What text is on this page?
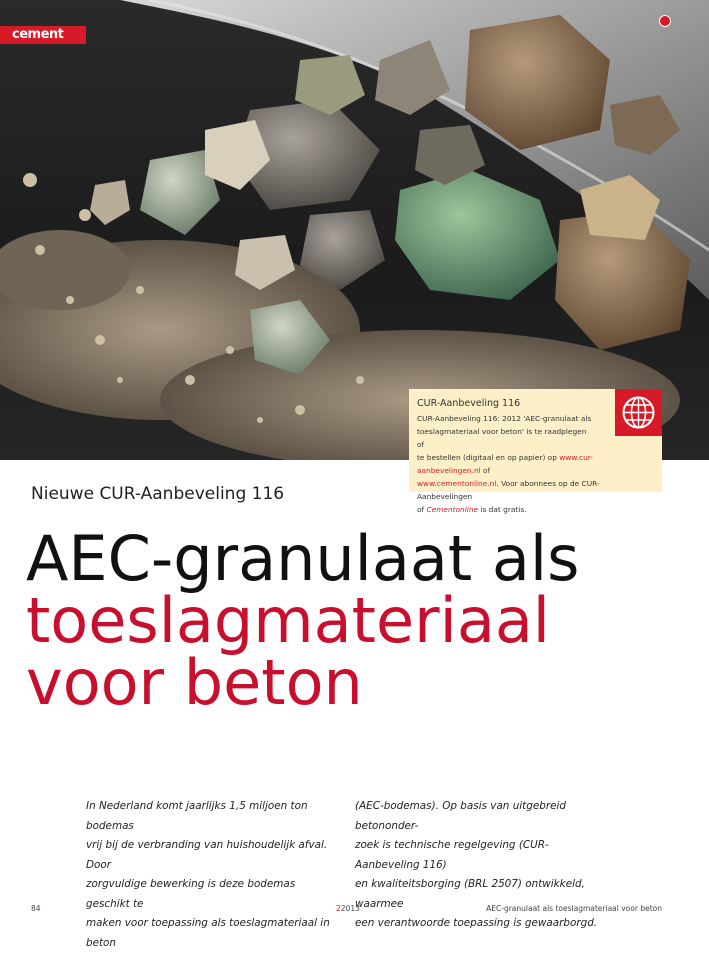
cement
CUR-Aanbeveling 116
CUR-Aanbeveling 116: 2012 'AEC-granulaat als
toeslagmateriaal voor beton' is te raadplegen of
te bestellen (digitaal en op papier) op www.cur-aanbevelingen.nl of
www.cementonline.nl. Voor abonnees op de CUR-Aanbevelingen
of Cementonline is dat gratis.
Nieuwe CUR-Aanbeveling 116
AEC-granulaat als
toeslagmateriaal
voor beton
In Nederland komt jaarlijks 1,5 miljoen ton bodemas
vrij bij de verbranding van huishoudelijk afval. Door
zorgvuldige bewerking is deze bodemas geschikt te
maken voor toepassing als toeslagmateriaal in beton
(AEC-bodemas). Op basis van uitgebreid betononder-
zoek is technische regelgeving (CUR-Aanbeveling 116)
en kwaliteitsborging (BRL 2507) ontwikkeld, waarmee
een verantwoorde toepassing is gewaarborgd.
84	22013	AEC-granulaat als toeslagmateriaal voor beton
